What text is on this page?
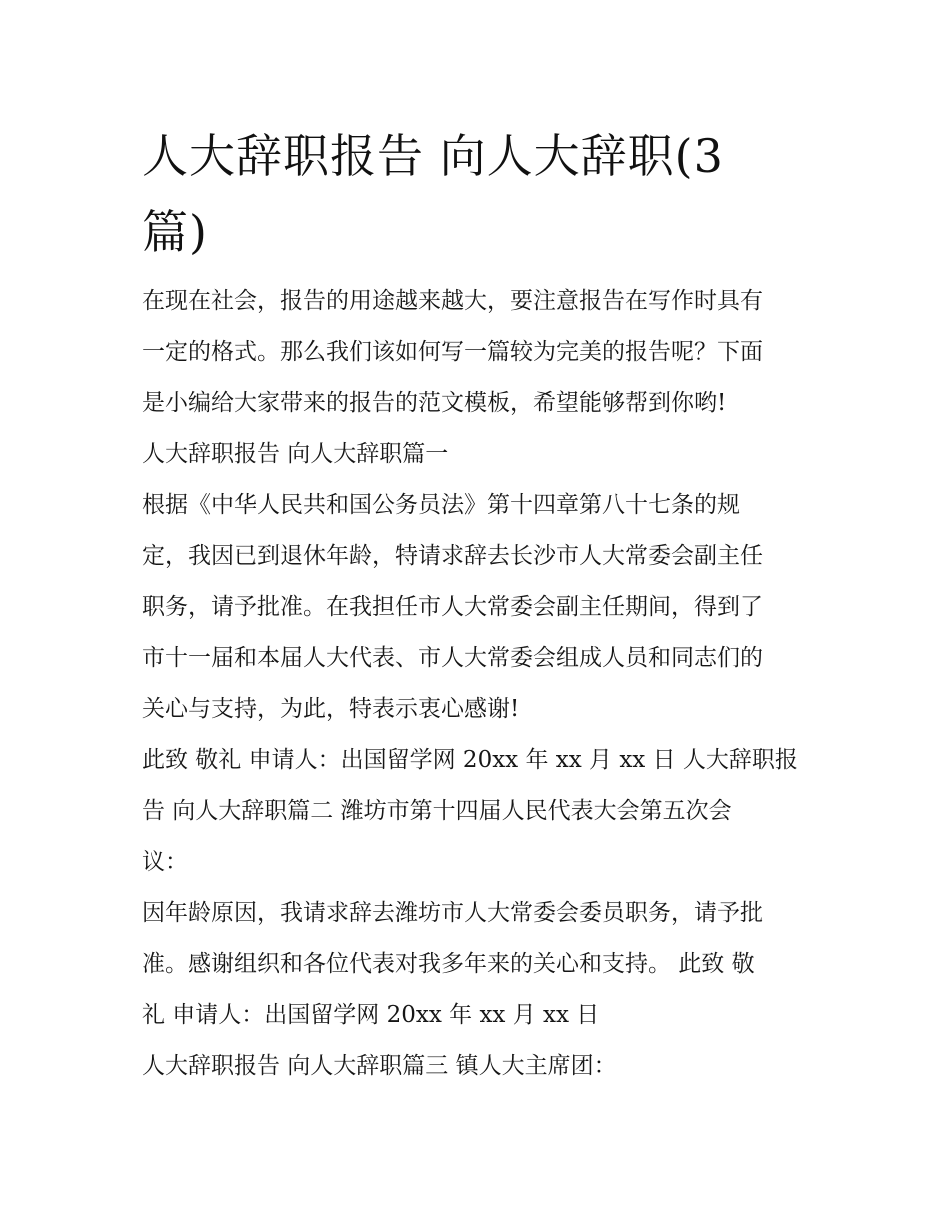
人大辞职报告 向人大辞职(3
篇)
在现在社会，报告的用途越来越大，要注意报告在写作时具有
一定的格式。那么我们该如何写一篇较为完美的报告呢？下面
是小编给大家带来的报告的范文模板，希望能够帮到你哟!
人大辞职报告 向人大辞职篇一
根据《中华人民共和国公务员法》第十四章第八十七条的规
定，我因已到退休年龄，特请求辞去长沙市人大常委会副主任
职务，请予批准。在我担任市人大常委会副主任期间，得到了
市十一届和本届人大代表、市人大常委会组成人员和同志们的
关心与支持，为此，特表示衷心感谢!
此致 敬礼 申请人：出国留学网 20xx 年 xx 月 xx 日 人大辞职报
告 向人大辞职篇二 潍坊市第十四届人民代表大会第五次会
议：
因年龄原因，我请求辞去潍坊市人大常委会委员职务，请予批
准。感谢组织和各位代表对我多年来的关心和支持。 此致 敬
礼 申请人：出国留学网 20xx 年 xx 月 xx 日
人大辞职报告 向人大辞职篇三 镇人大主席团：
